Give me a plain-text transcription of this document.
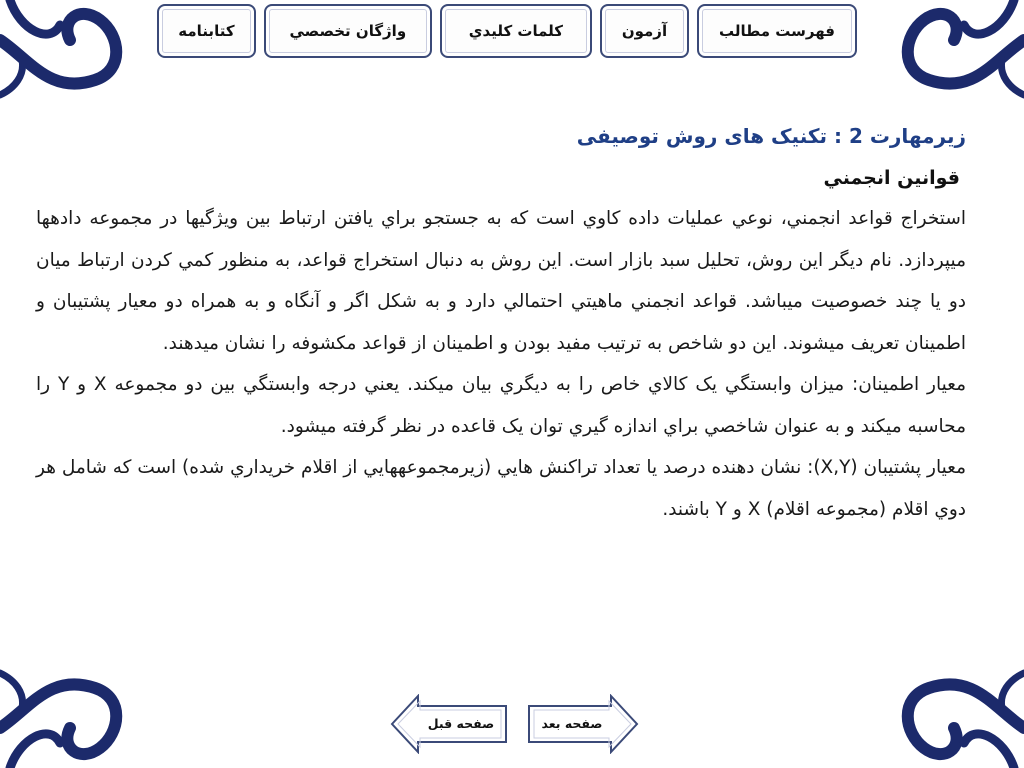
فهرست مطالب
آزمون
کلمات کليدي
واژگان تخصصي
کتابنامه
زیرمهارت 2 : تکنیک های روش توصیفی
قوانين انجمني

استخراج قواعد انجمني، نوعي عمليات داده کاوي است که به جستجو براي يافتن ارتباط بين ويژگيها در مجموعه دادهها ميپردازد. نام ديگر اين روش، تحليل سبد بازار است. اين روش به دنبال استخراج قواعد، به منظور کمي کردن ارتباط ميان دو يا چند خصوصيت ميباشد. قواعد انجمني ماهيتي احتمالي دارد و به شکل اگر و آنگاه و به همراه دو معيار پشتيبان و اطمينان تعريف ميشوند. اين دو شاخص به ترتيب مفيد بودن و اطمينان از قواعد مکشوفه را نشان ميدهند.

معيار اطمينان: ميزان وابستگي يک کالاي خاص را به ديگري بيان ميکند. يعني درجه وابستگي بين دو مجموعه X و Y را محاسبه ميکند و به عنوان شاخصي براي اندازه گيري توان يک قاعده در نظر گرفته ميشود.

معيار پشتيبان (X,Y): نشان دهنده درصد يا تعداد تراکنش هايي (زيرمجموعههايي از اقلام خريداري شده) است که شامل هر دوي اقلام (مجموعه اقلام) X و Y باشند.

صفحه قبل	صفحه بعد
